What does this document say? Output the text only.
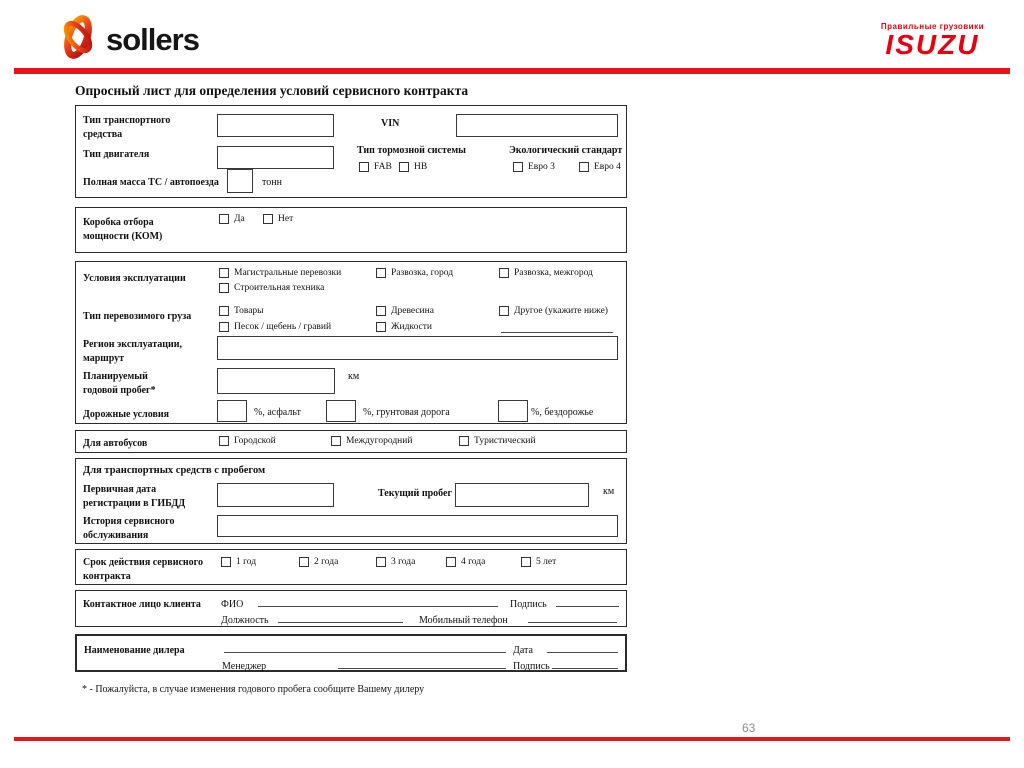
sollers	Правильные грузовики
ISUZU
Опросный лист для определения условий сервисного контракта
Тип транспортного средства
VIN
Тип двигателя	Тип тормозной системы
FAB HB
Экологический стандарт
Евро 3	Евро 4
Полная масса ТС / автопоезда	тонн
Коробка отбора мощности (КОМ)
Да	Нет
Условия эксплуатации	Магистральные перевозки	Развозка, город	Развозка, межгород
Строительная техника
Тип перевозимого груза	Товары	Древесина	Другое (укажите ниже)
Песок / щебень / гравий	Жидкости
Регион эксплуатации, маршрут
Планируемый годовой пробег*
км
Дорожные условия	%, асфальт	%, грунтовая дорога	%, бездорожье
Для автобусов	Городской	Междугородний	Туристический
Для транспортных средств с пробегом
Первичная дата регистрации в ГИБДД
Текущий пробег	км
История сервисного обслуживания
Срок действия сервисного контракта
1 год	2 года	3 года	4 года	5 лет
Контактное лицо клиента ФИО	Подпись
Должность	Мобильный телефон
Наименование дилера	Дата
Менеджер	Подпись
* - Пожалуйста, в случае изменения годового пробега сообщите Вашему дилеру
63
